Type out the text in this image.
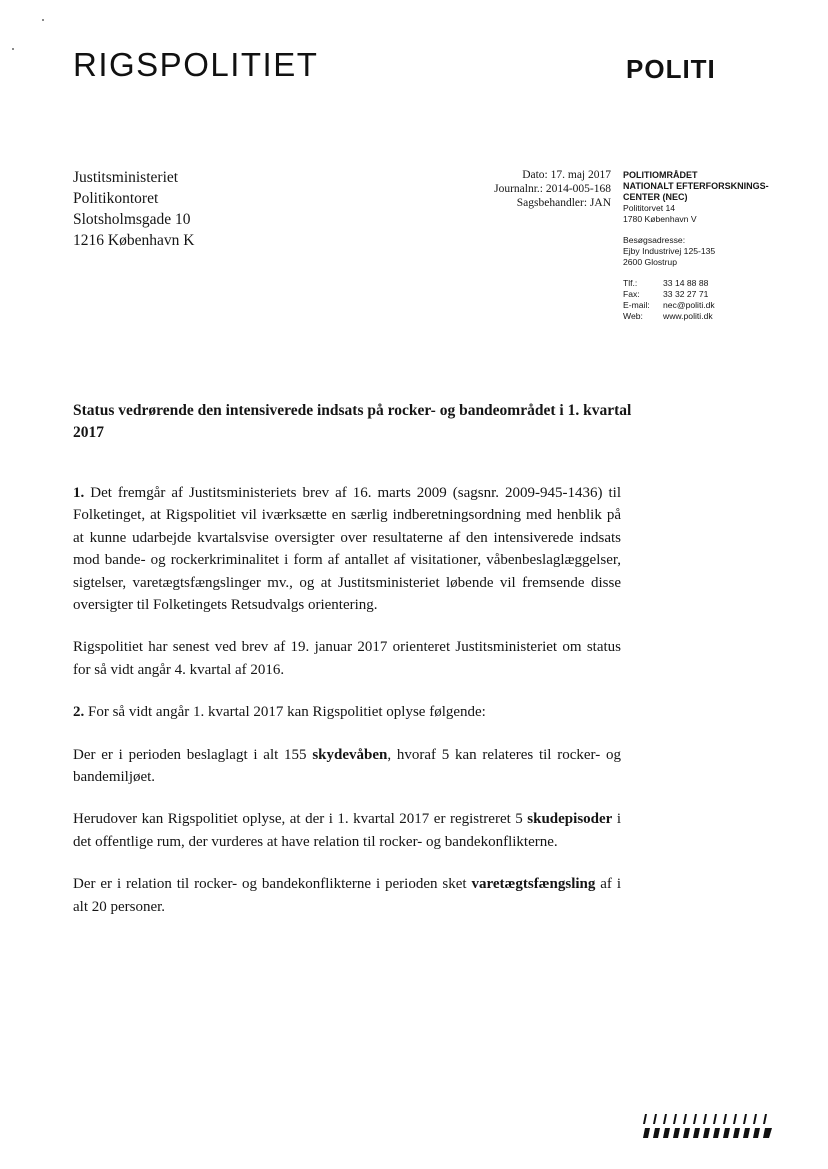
RIGSPOLITIET	POLITI
Justitsministeriet
Politikontoret
Slotsholmsgade 10
1216 København K
Dato: 17. maj 2017
Journalnr.: 2014-005-168
Sagsbehandler: JAN
POLITIOMRÅDET
NATIONALT EFTERFORSKNINGS-
CENTER (NEC)
Polititorvet 14
1780 København V
Besøgsadresse:
Ejby Industrivej 125-135
2600 Glostrup
Tlf.:	33 14 88 88
Fax:	33 32 27 71
E-mail:	nec@politi.dk
Web:	www.politi.dk
Status vedrørende den intensiverede indsats på rocker- og bandeområdet i 1. kvartal 2017

1. Det fremgår af Justitsministeriets brev af 16. marts 2009 (sagsnr. 2009-945-1436) til Folketinget, at Rigspolitiet vil iværksætte en særlig indberetningsordning med henblik på at kunne udarbejde kvartalsvise oversigter over resultaterne af den intensiverede indsats mod bande- og rockerkriminalitet i form af antallet af visitationer, våbenbeslaglæggelser, sigtelser, varetægtsfængslinger mv., og at Justitsministeriet løbende vil fremsende disse oversigter til Folketingets Retsudvalgs orientering.

Rigspolitiet har senest ved brev af 19. januar 2017 orienteret Justitsministeriet om status for så vidt angår 4. kvartal af 2016.

2. For så vidt angår 1. kvartal 2017 kan Rigspolitiet oplyse følgende:

Der er i perioden beslaglagt i alt 155 skydevåben, hvoraf 5 kan relateres til rocker- og bandemiljøet.

Herudover kan Rigspolitiet oplyse, at der i 1. kvartal 2017 er registreret 5 skudepisoder i det offentlige rum, der vurderes at have relation til rocker- og bandekonflikterne.

Der er i relation til rocker- og bandekonflikterne i perioden sket varetægtsfængsling af i alt 20 personer.
